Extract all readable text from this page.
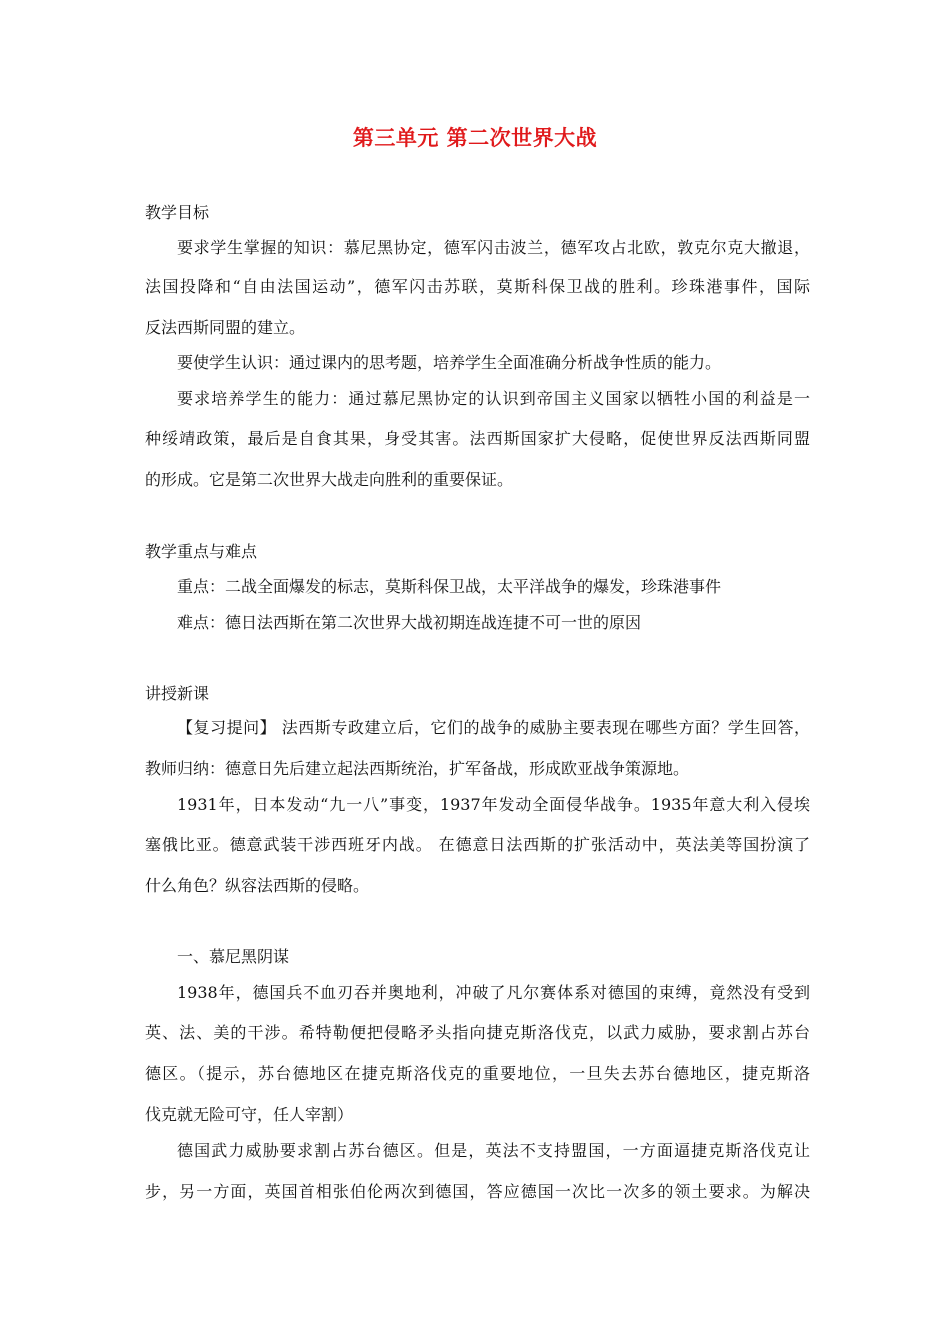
第三单元 第二次世界大战
教学目标
要求学生掌握的知识：慕尼黑协定，德军闪击波兰，德军攻占北欧，敦克尔克大撤退，
法国投降和“自由法国运动”，德军闪击苏联，莫斯科保卫战的胜利。珍珠港事件，国际
反法西斯同盟的建立。
要使学生认识：通过课内的思考题，培养学生全面准确分析战争性质的能力。
要求培养学生的能力：通过慕尼黑协定的认识到帝国主义国家以牺牲小国的利益是一
种绥靖政策，最后是自食其果，身受其害。法西斯国家扩大侵略，促使世界反法西斯同盟
的形成。它是第二次世界大战走向胜利的重要保证。
教学重点与难点
重点：二战全面爆发的标志，莫斯科保卫战，太平洋战争的爆发，珍珠港事件
难点：德日法西斯在第二次世界大战初期连战连捷不可一世的原因
讲授新课
【复习提问】 法西斯专政建立后，它们的战争的威胁主要表现在哪些方面？学生回答，
教师归纳：德意日先后建立起法西斯统治，扩军备战，形成欧亚战争策源地。
1931年，日本发动“九一八”事变，1937年发动全面侵华战争。1935年意大利入侵埃
塞俄比亚。德意武装干涉西班牙内战。 在德意日法西斯的扩张活动中，英法美等国扮演了
什么角色？纵容法西斯的侵略。
一、慕尼黑阴谋
1938年，德国兵不血刃吞并奥地利，冲破了凡尔赛体系对德国的束缚，竟然没有受到
英、法、美的干涉。希特勒便把侵略矛头指向捷克斯洛伐克，以武力威胁，要求割占苏台
德区。（提示，苏台德地区在捷克斯洛伐克的重要地位，一旦失去苏台德地区，捷克斯洛
伐克就无险可守，任人宰割）
德国武力威胁要求割占苏台德区。但是，英法不支持盟国，一方面逼捷克斯洛伐克让
步，另一方面，英国首相张伯伦两次到德国，答应德国一次比一次多的领土要求。为解决
